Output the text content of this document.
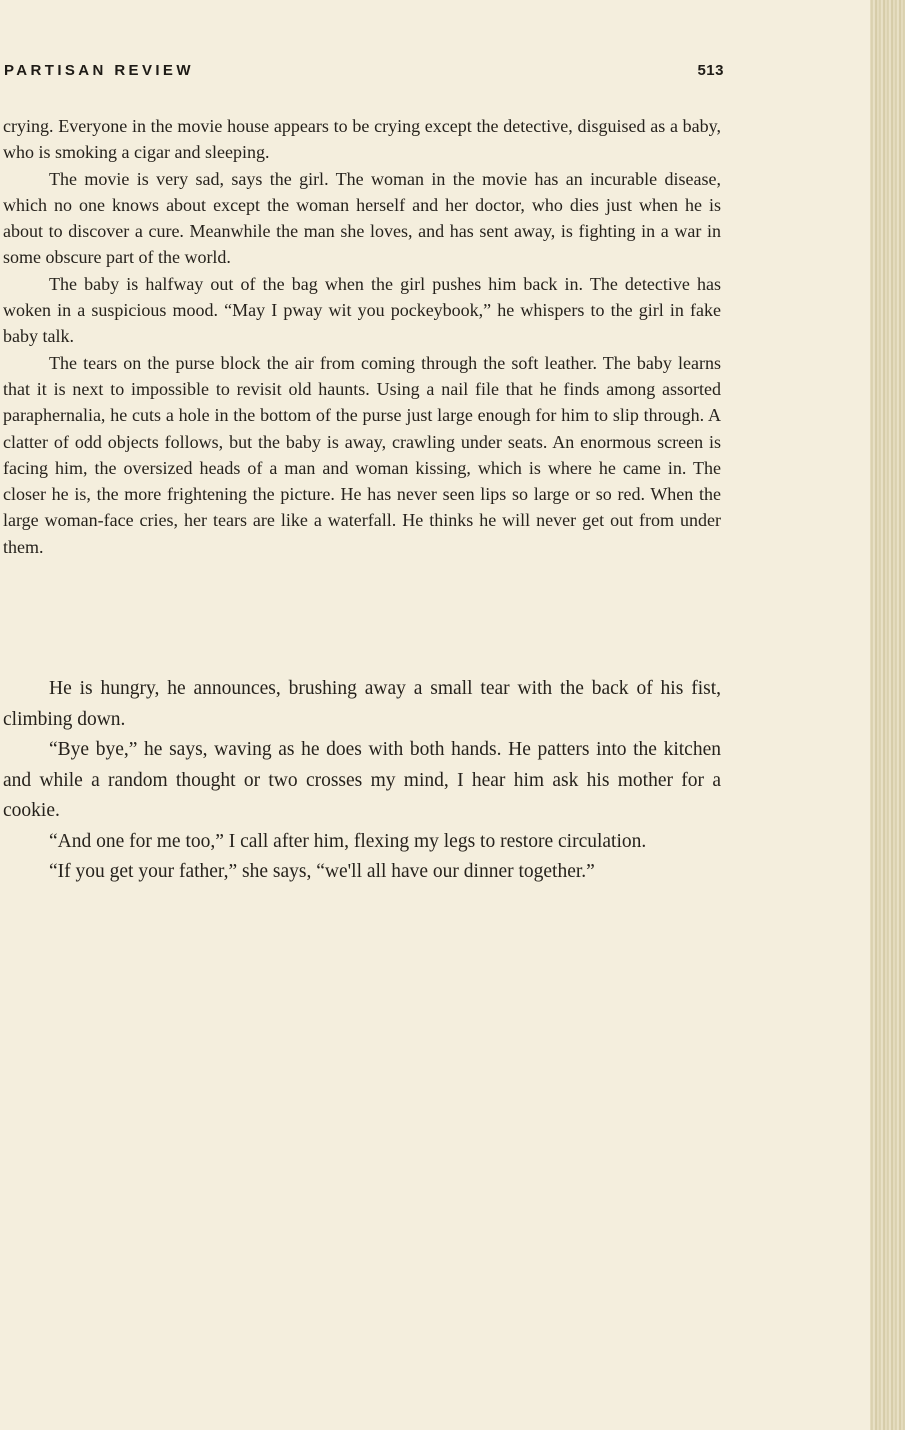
PARTISAN REVIEW	513

crying. Everyone in the movie house appears to be crying except the detective, disguised as a baby, who is smoking a cigar and sleeping.

The movie is very sad, says the girl. The woman in the movie has an incurable disease, which no one knows about except the woman herself and her doctor, who dies just when he is about to discover a cure. Meanwhile the man she loves, and has sent away, is fighting in a war in some obscure part of the world.

The baby is halfway out of the bag when the girl pushes him back in. The detective has woken in a suspicious mood. “May I pway wit you pockeybook,” he whispers to the girl in fake baby talk.

The tears on the purse block the air from coming through the soft leather. The baby learns that it is next to impossible to revisit old haunts. Using a nail file that he finds among assorted paraphernalia, he cuts a hole in the bottom of the purse just large enough for him to slip through. A clatter of odd objects follows, but the baby is away, crawling under seats. An enormous screen is facing him, the oversized heads of a man and woman kissing, which is where he came in. The closer he is, the more frightening the picture. He has never seen lips so large or so red. When the large woman-face cries, her tears are like a waterfall. He thinks he will never get out from under them.

He is hungry, he announces, brushing away a small tear with the back of his fist, climbing down.

“Bye bye,” he says, waving as he does with both hands. He patters into the kitchen and while a random thought or two crosses my mind, I hear him ask his mother for a cookie.

“And one for me too,” I call after him, flexing my legs to restore circulation.

“If you get your father,” she says, “we'll all have our dinner together.”
